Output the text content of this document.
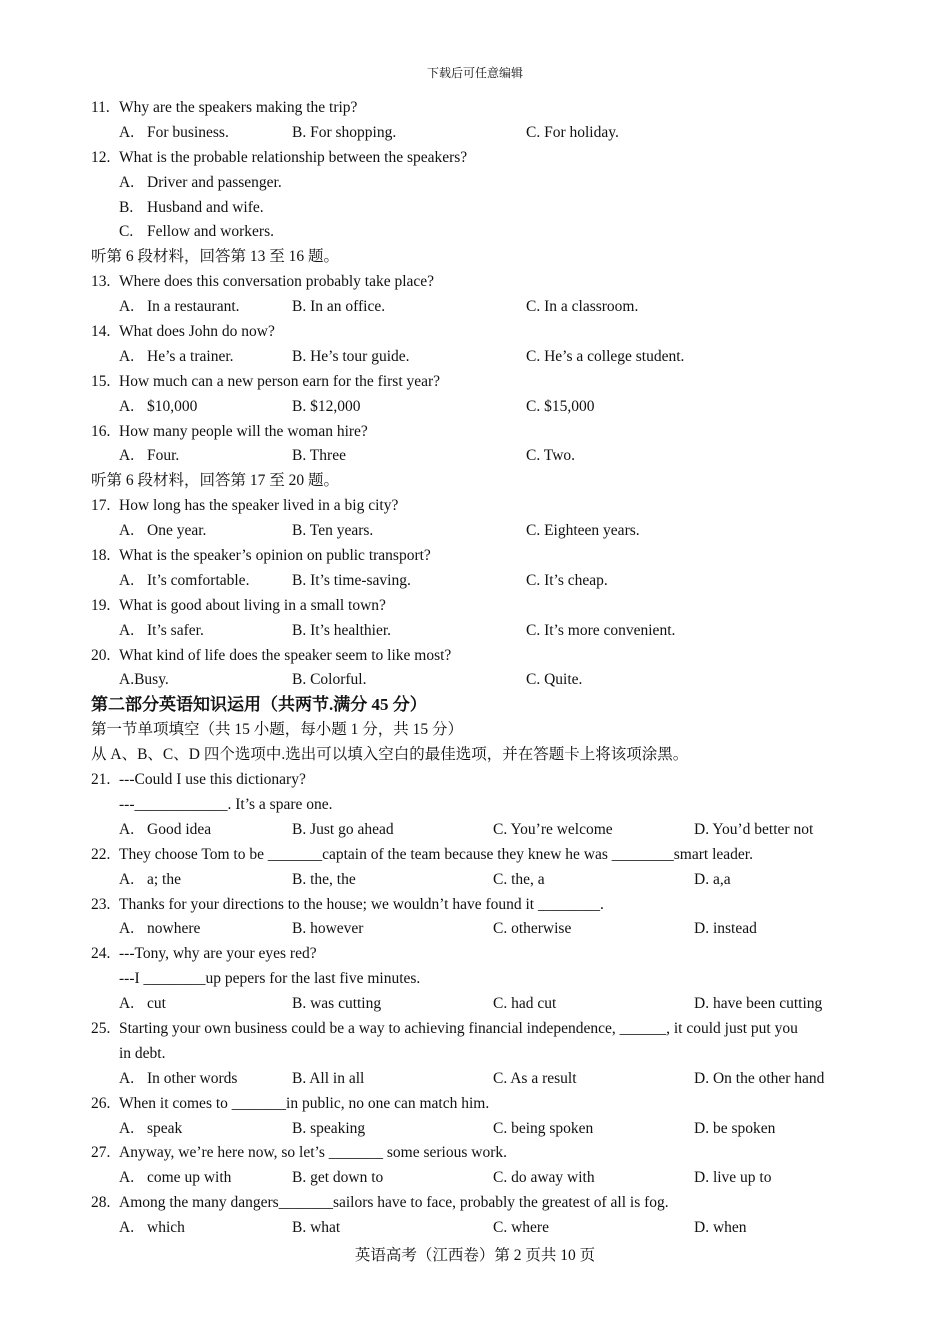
下载后可任意编辑
11. Why are the speakers making the trip?
A. For business.	B. For shopping.	C. For holiday.
12. What is the probable relationship between the speakers?
A. Driver and passenger.
B. Husband and wife.
C. Fellow and workers.
听第 6 段材料，回答第 13 至 16 题。
13. Where does this conversation probably take place?
A. In a restaurant.	B. In an office.	C. In a classroom.
14. What does John do now?
A. He’s a trainer.	B. He’s tour guide.	C. He’s a college student.
15. How much can a new person earn for the first year?
A. $10,000	B. $12,000	C. $15,000
16. How many people will the woman hire?
A. Four.	B. Three	C. Two.
听第 6 段材料，回答第 17 至 20 题。
17. How long has the speaker lived in a big city?
A. One year.	B. Ten years.	C. Eighteen years.
18. What is the speaker’s opinion on public transport?
A. It’s comfortable.	B. It’s time-saving.	C. It’s cheap.
19. What is good about living in a small town?
A. It’s safer.	B. It’s healthier.	C. It’s more convenient.
20. What kind of life does the speaker seem to like most?
A.Busy.	B. Colorful.	C. Quite.
第二部分英语知识运用（共两节.满分 45 分）
第一节单项填空（共 15 小题，每小题 1 分，共 15 分）
从 A、B、C、D 四个选项中.选出可以填入空白的最佳选项，并在答题卡上将该项涂黑。
21. ---Could I use this dictionary?
---____________. It’s a spare one.
A. Good idea	B. Just go ahead	C. You’re welcome	D. You’d better not
22. They choose Tom to be _______captain of the team because they knew he was ________smart leader.
A. a; the	B. the, the	C. the, a	D. a,a
23. Thanks for your directions to the house; we wouldn’t have found it ________.
A. nowhere	B. however	C. otherwise	D. instead
24. ---Tony, why are your eyes red?
---I ________up pepers for the last five minutes.
A. cut	B. was cutting	C. had cut	D. have been cutting
25. Starting your own business could be a way to achieving financial independence, ______, it could just put you
in debt.
A. In other words	B. All in all	C. As a result	D. On the other hand
26. When it comes to _______in public, no one can match him.
A. speak	B. speaking	C. being spoken	D. be spoken
27. Anyway, we’re here now, so let’s _______ some serious work.
A. come up with	B. get down to	C. do away with	D. live up to
28. Among the many dangers_______sailors have to face, probably the greatest of all is fog.
A. which	B. what	C. where	D. when
英语高考（江西卷）第 2 页共 10 页
